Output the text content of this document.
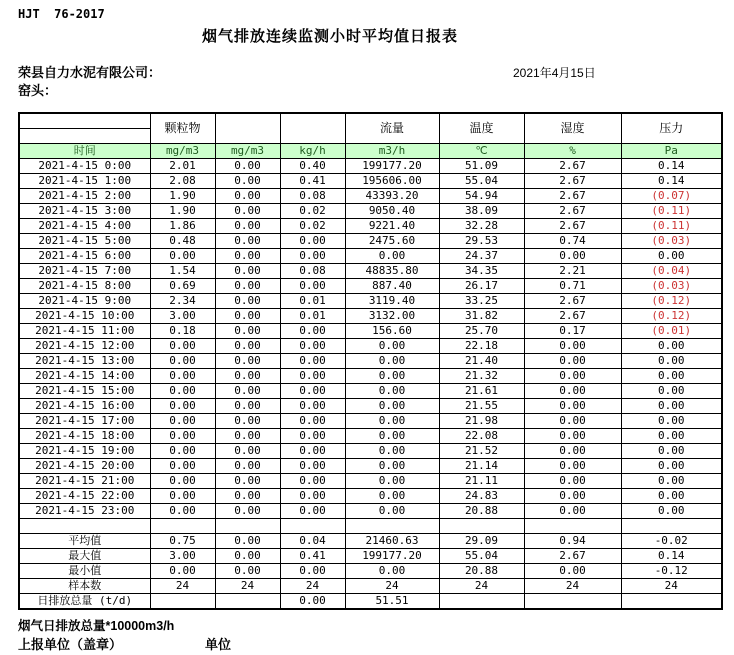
HJT  76-2017
烟气排放连续监测小时平均值日报表
荣县自力水泥有限公司：	2021年4月15日
窑头：
	颗粒物			流量	温度	湿度	压力
时间	mg/m3	mg/m3	kg/h	m3/h	℃	%	Pa
2021-4-15 0:00	2.01	0.00	0.40	199177.20	51.09	2.67	0.14
2021-4-15 1:00	2.08	0.00	0.41	195606.00	55.04	2.67	0.14
2021-4-15 2:00	1.90	0.00	0.08	43393.20	54.94	2.67	(0.07)
2021-4-15 3:00	1.90	0.00	0.02	9050.40	38.09	2.67	(0.11)
2021-4-15 4:00	1.86	0.00	0.02	9221.40	32.28	2.67	(0.11)
2021-4-15 5:00	0.48	0.00	0.00	2475.60	29.53	0.74	(0.03)
2021-4-15 6:00	0.00	0.00	0.00	0.00	24.37	0.00	0.00
2021-4-15 7:00	1.54	0.00	0.08	48835.80	34.35	2.21	(0.04)
2021-4-15 8:00	0.69	0.00	0.00	887.40	26.17	0.71	(0.03)
2021-4-15 9:00	2.34	0.00	0.01	3119.40	33.25	2.67	(0.12)
2021-4-15 10:00	3.00	0.00	0.01	3132.00	31.82	2.67	(0.12)
2021-4-15 11:00	0.18	0.00	0.00	156.60	25.70	0.17	(0.01)
2021-4-15 12:00	0.00	0.00	0.00	0.00	22.18	0.00	0.00
2021-4-15 13:00	0.00	0.00	0.00	0.00	21.40	0.00	0.00
2021-4-15 14:00	0.00	0.00	0.00	0.00	21.32	0.00	0.00
2021-4-15 15:00	0.00	0.00	0.00	0.00	21.61	0.00	0.00
2021-4-15 16:00	0.00	0.00	0.00	0.00	21.55	0.00	0.00
2021-4-15 17:00	0.00	0.00	0.00	0.00	21.98	0.00	0.00
2021-4-15 18:00	0.00	0.00	0.00	0.00	22.08	0.00	0.00
2021-4-15 19:00	0.00	0.00	0.00	0.00	21.52	0.00	0.00
2021-4-15 20:00	0.00	0.00	0.00	0.00	21.14	0.00	0.00
2021-4-15 21:00	0.00	0.00	0.00	0.00	21.11	0.00	0.00
2021-4-15 22:00	0.00	0.00	0.00	0.00	24.83	0.00	0.00
2021-4-15 23:00	0.00	0.00	0.00	0.00	20.88	0.00	0.00

平均值	0.75	0.00	0.04	21460.63	29.09	0.94	-0.02
最大值	3.00	0.00	0.41	199177.20	55.04	2.67	0.14
最小值	0.00	0.00	0.00	0.00	20.88	0.00	-0.12
样本数	24	24	24	24	24	24	24
日排放总量 (t/d)			0.00	51.51			
烟气日排放总量*10000m3/h
上报单位（盖章）	单位
